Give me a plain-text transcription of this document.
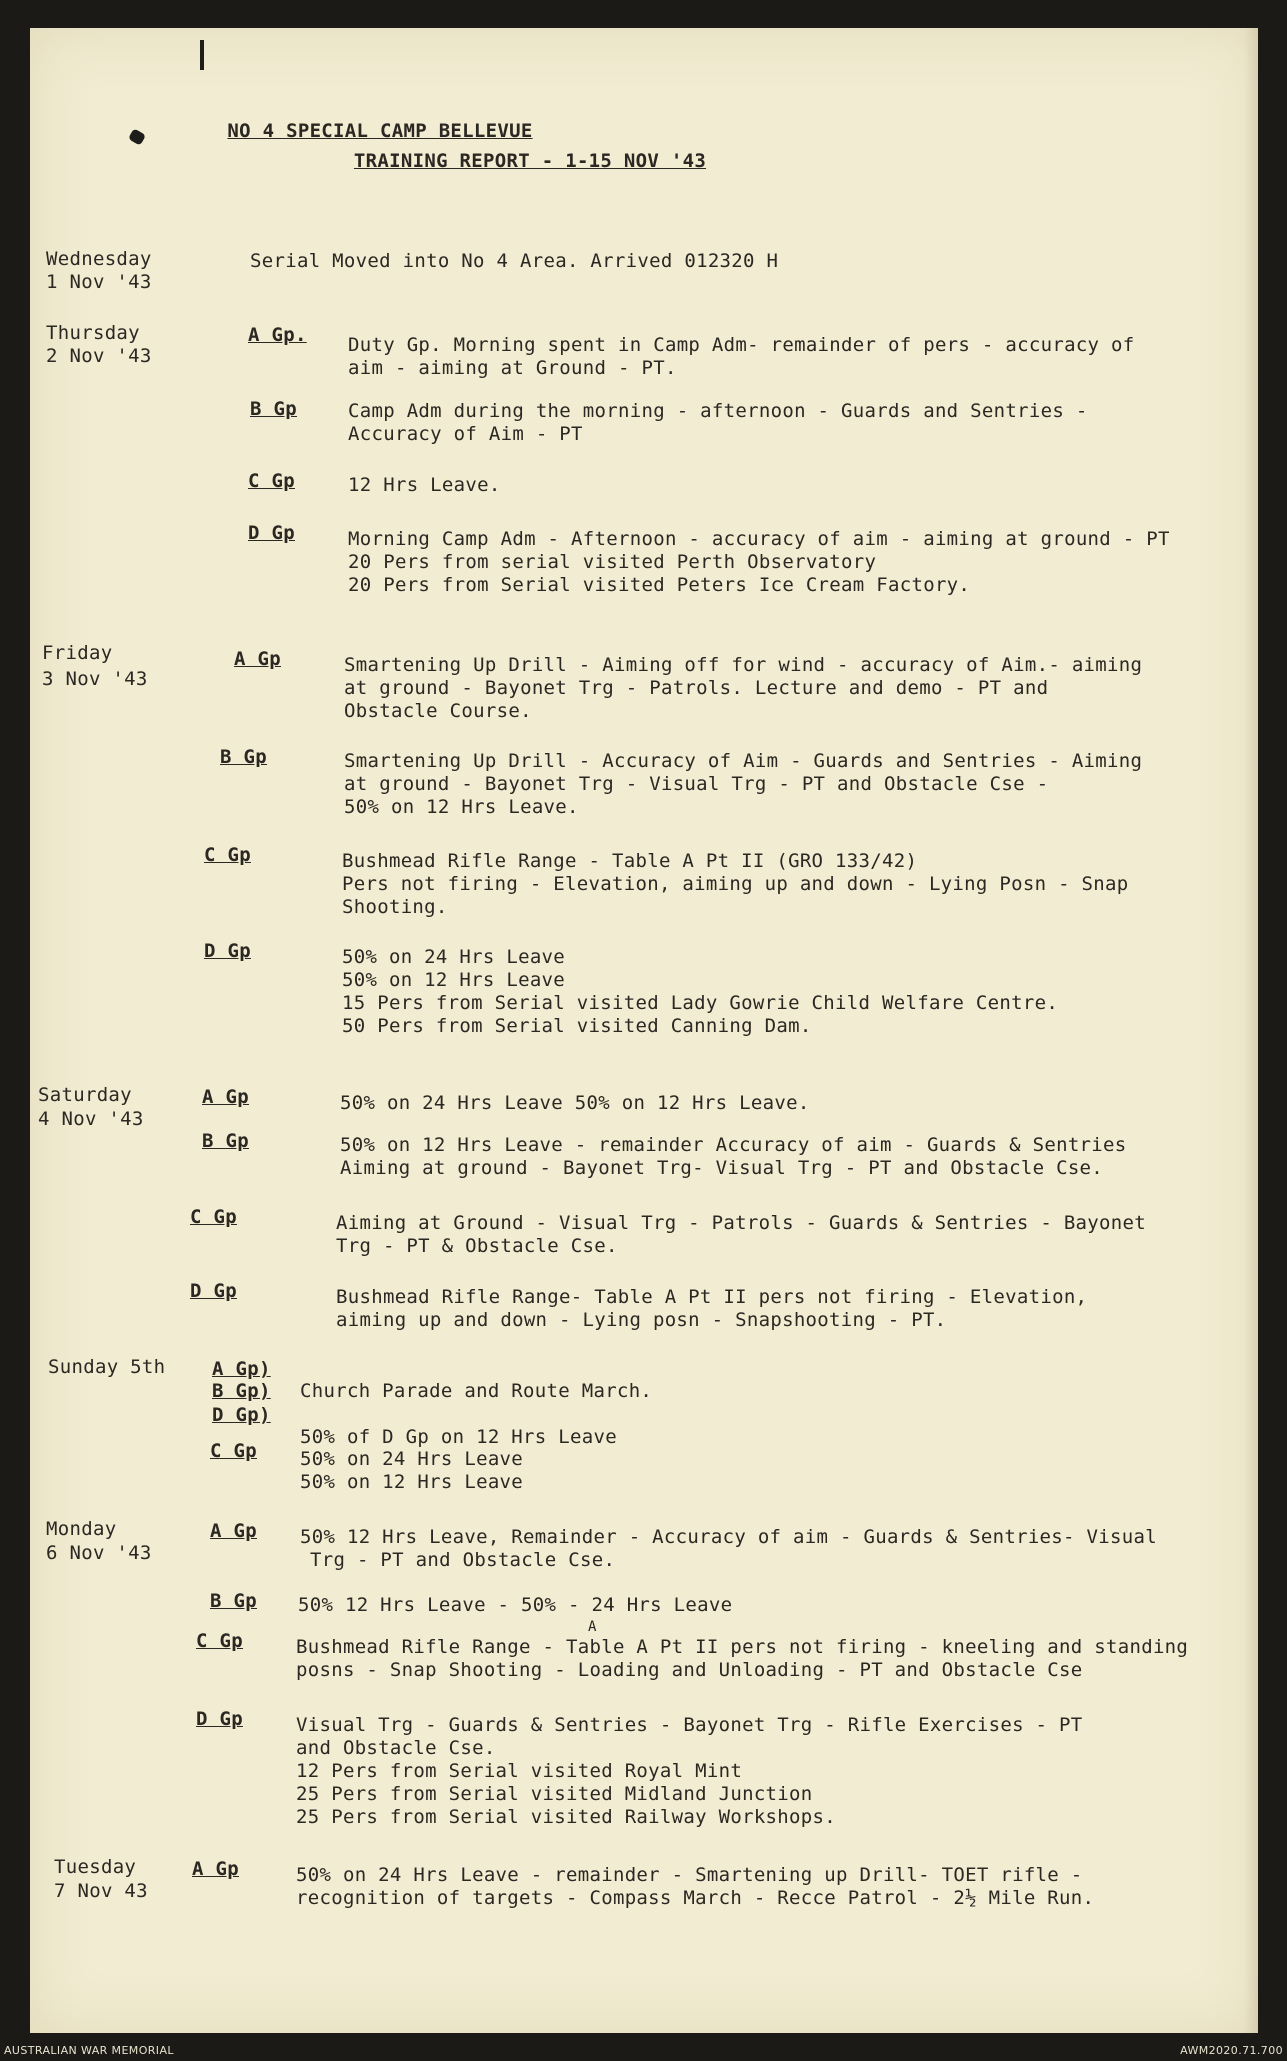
NO 4 SPECIAL CAMP BELLEVUE
TRAINING REPORT - 1-15 NOV '43
Wednesday
1 Nov '43
Serial Moved into No 4 Area. Arrived 012320 H
Thursday
2 Nov '43
A Gp. Duty Gp. Morning spent in Camp Adm- remainder of pers - accuracy of
aim - aiming at Ground - PT.
B Gp	Camp Adm during the morning - afternoon - Guards and Sentries -
Accuracy of Aim - PT
C Gp	12 Hrs Leave.
D Gp	Morning Camp Adm - Afternoon - accuracy of aim - aiming at ground - PT
20 Pers from serial visited Perth Observatory
20 Pers from Serial visited Peters Ice Cream Factory.
Friday
3 Nov '43
A Gp	Smartening Up Drill - Aiming off for wind - accuracy of Aim.- aiming
at ground - Bayonet Trg - Patrols. Lecture and demo - PT and
Obstacle Course.
B Gp	Smartening Up Drill - Accuracy of Aim - Guards and Sentries - Aiming
at ground - Bayonet Trg - Visual Trg - PT and Obstacle Cse -
50% on 12 Hrs Leave.
C Gp	Bushmead Rifle Range - Table A Pt II (GRO 133/42)
Pers not firing - Elevation, aiming up and down - Lying Posn - Snap
Shooting.
D Gp	50% on 24 Hrs Leave
50% on 12 Hrs Leave
15 Pers from Serial visited Lady Gowrie Child Welfare Centre.
50 Pers from Serial visited Canning Dam.
Saturday
4 Nov '43
A Gp	50% on 24 Hrs Leave 50% on 12 Hrs Leave.
B Gp	50% on 12 Hrs Leave - remainder Accuracy of aim - Guards & Sentries
Aiming at ground - Bayonet Trg- Visual Trg - PT and Obstacle Cse.
C Gp	Aiming at Ground - Visual Trg - Patrols - Guards & Sentries - Bayonet
Trg - PT & Obstacle Cse.
D Gp	Bushmead Rifle Range- Table A Pt II pers not firing - Elevation,
aiming up and down - Lying posn - Snapshooting - PT.
Sunday 5th A Gp)
B Gp) Church Parade and Route March.
D Gp)
50% of D Gp on 12 Hrs Leave
C Gp 50% on 24 Hrs Leave
50% on 12 Hrs Leave
Monday
6 Nov '43
A Gp 50% 12 Hrs Leave, Remainder - Accuracy of aim - Guards & Sentries- Visual
Trg - PT and Obstacle Cse.
B Gp 50% 12 Hrs Leave - 50% - 24 Hrs Leave
A
C Gp	Bushmead Rifle Range - Table A Pt II pers not firing - kneeling and standing
posns - Snap Shooting - Loading and Unloading - PT and Obstacle Cse
D Gp	Visual Trg - Guards & Sentries - Bayonet Trg - Rifle Exercises - PT
and Obstacle Cse.
12 Pers from Serial visited Royal Mint
25 Pers from Serial visited Midland Junction
25 Pers from Serial visited Railway Workshops.
Tuesday
7 Nov 43
A Gp	50% on 24 Hrs Leave - remainder - Smartening up Drill- TOET rifle -
recognition of targets - Compass March - Recce Patrol - 2½ Mile Run.
AUSTRALIAN WAR MEMORIAL	AWM2020.71.700
